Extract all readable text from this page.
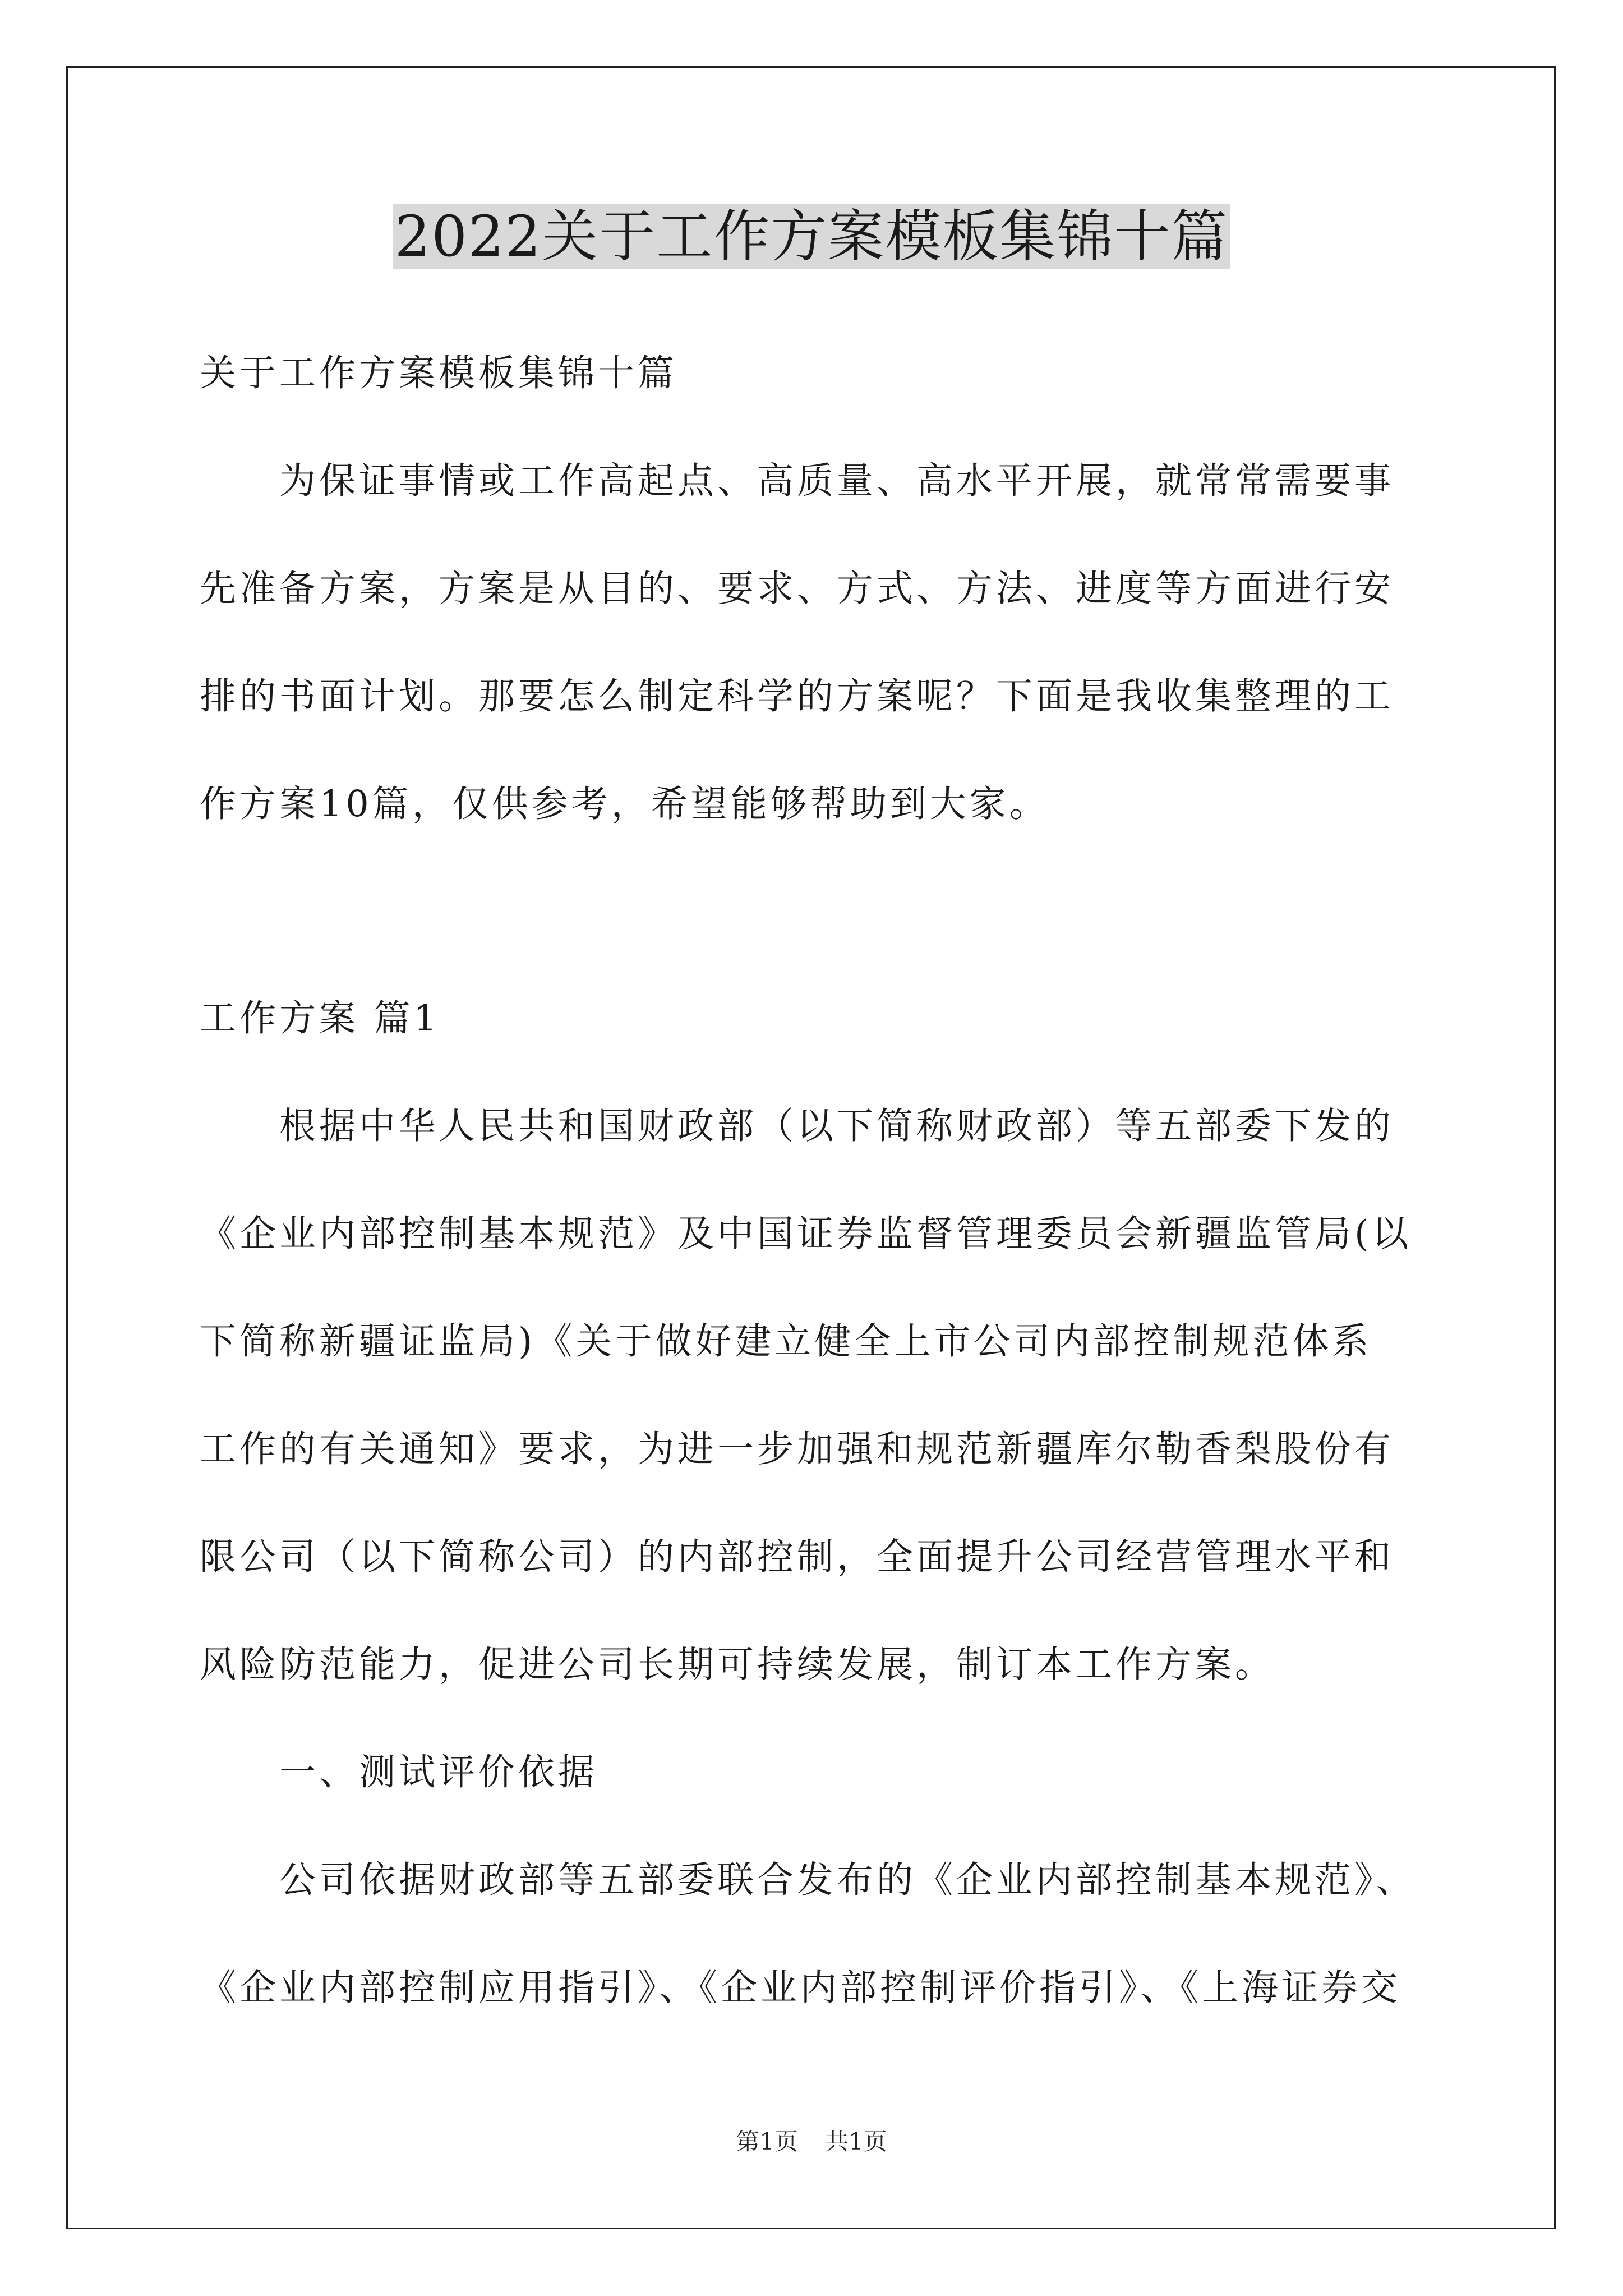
2022关于工作方案模板集锦十篇
关于工作方案模板集锦十篇
　　为保证事情或工作高起点、高质量、高水平开展，就常常需要事
先准备方案，方案是从目的、要求、方式、方法、进度等方面进行安
排的书面计划。那要怎么制定科学的方案呢？下面是我收集整理的工
作方案10篇，仅供参考，希望能够帮助到大家。
工作方案 篇1
　　根据中华人民共和国财政部（以下简称财政部）等五部委下发的
《企业内部控制基本规范》及中国证券监督管理委员会新疆监管局(以
下简称新疆证监局)《关于做好建立健全上市公司内部控制规范体系
工作的有关通知》要求，为进一步加强和规范新疆库尔勒香梨股份有
限公司（以下简称公司）的内部控制，全面提升公司经营管理水平和
风险防范能力，促进公司长期可持续发展，制订本工作方案。
　　一、测试评价依据
　　公司依据财政部等五部委联合发布的《企业内部控制基本规范》、
《企业内部控制应用指引》、《企业内部控制评价指引》、《上海证券交
第1页 共1页
